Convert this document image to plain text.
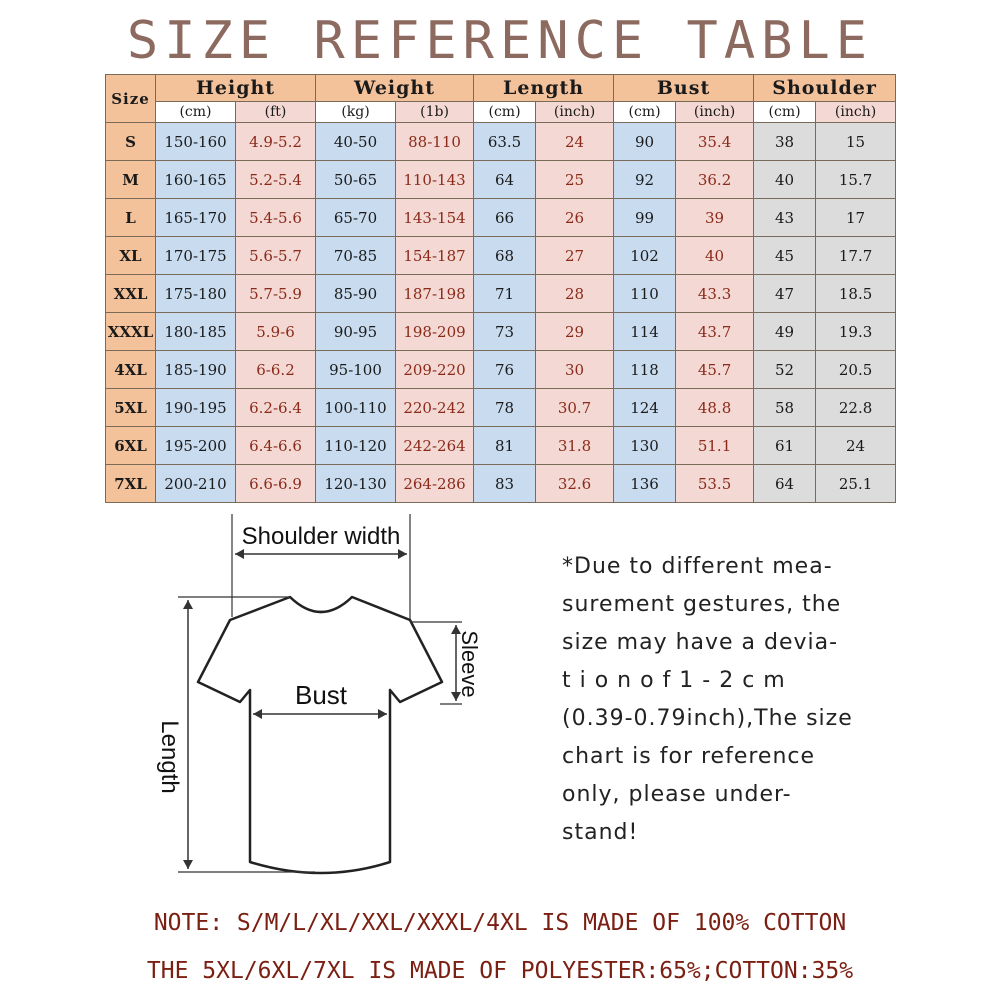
SIZE REFERENCE TABLE
Size	Height		Weight		Length		Bust		Shoulder	
	(cm)	(ft)	(kg)	(1b)	(cm)	(inch)	(cm)	(inch)	(cm)	(inch)
S	150-160	4.9-5.2	40-50	88-110	63.5	24	90	35.4	38	15
M	160-165	5.2-5.4	50-65	110-143	64	25	92	36.2	40	15.7
L	165-170	5.4-5.6	65-70	143-154	66	26	99	39	43	17
XL	170-175	5.6-5.7	70-85	154-187	68	27	102	40	45	17.7
XXL	175-180	5.7-5.9	85-90	187-198	71	28	110	43.3	47	18.5
XXXL	180-185	5.9-6	90-95	198-209	73	29	114	43.7	49	19.3
4XL	185-190	6-6.2	95-100	209-220	76	30	118	45.7	52	20.5
5XL	190-195	6.2-6.4	100-110	220-242	78	30.7	124	48.8	58	22.8
6XL	195-200	6.4-6.6	110-120	242-264	81	31.8	130	51.1	61	24
7XL	200-210	6.6-6.9	120-130	264-286	83	32.6	136	53.5	64	25.1
Shoulder width
Length
Bust	Sleeve
*Due to different mea-
surement gestures, the
size may have a devia-
t i o n o f 1 - 2 c m
(0.39-0.79inch),The size
chart is for reference
only, please under-
stand!
NOTE: S/M/L/XL/XXL/XXXL/4XL IS MADE OF 100% COTTON
THE 5XL/6XL/7XL IS MADE OF POLYESTER:65%;COTTON:35%
